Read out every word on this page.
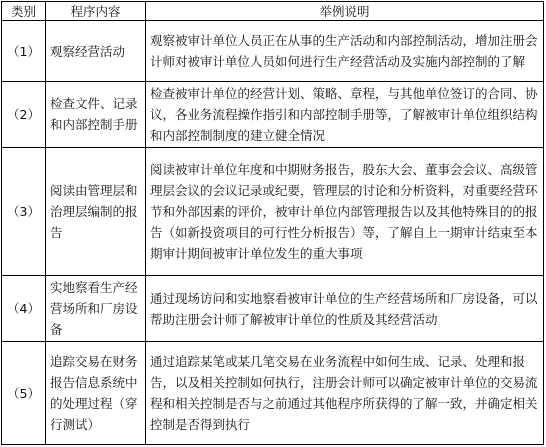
类别	程序内容	举例说明
（1）	观察经营活动	观察被审计单位人员正在从事的生产活动和内部控制活动，增加注册会计师对被审计单位人员如何进行生产经营活动及实施内部控制的了解
（2）	检查文件、记录和内部控制手册	检查被审计单位的经营计划、策略、章程，与其他单位签订的合同、协议，各业务流程操作指引和内部控制手册等，了解被审计单位组织结构和内部控制制度的建立健全情况
（3）	阅读由管理层和治理层编制的报告	阅读被审计单位年度和中期财务报告，股东大会、董事会会议、高级管理层会议的会议记录或纪要，管理层的讨论和分析资料，对重要经营环节和外部因素的评价，被审计单位内部管理报告以及其他特殊目的的报告（如新投资项目的可行性分析报告）等，了解自上一期审计结束至本期审计期间被审计单位发生的重大事项
（4）	实地察看生产经营场所和厂房设备	通过现场访问和实地察看被审计单位的生产经营场所和厂房设备，可以帮助注册会计师了解被审计单位的性质及其经营活动
（5）	追踪交易在财务报告信息系统中的处理过程（穿行测试）	通过追踪某笔或某几笔交易在业务流程中如何生成、记录、处理和报告，以及相关控制如何执行，注册会计师可以确定被审计单位的交易流程和相关控制是否与之前通过其他程序所获得的了解一致，并确定相关控制是否得到执行
